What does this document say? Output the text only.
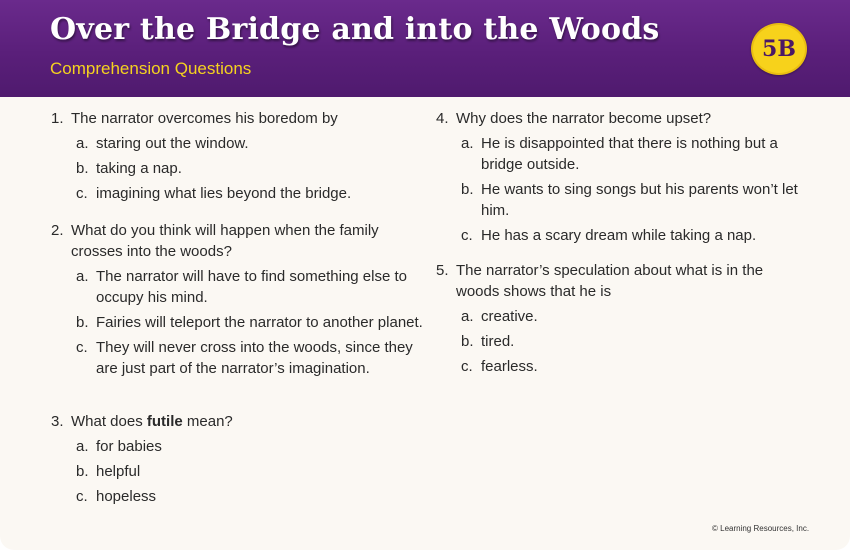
Over the Bridge and into the Woods
Comprehension Questions
5B
1. The narrator overcomes his boredom by
a. staring out the window.
b. taking a nap.
c. imagining what lies beyond the bridge.
2. What do you think will happen when the family crosses into the woods?
a. The narrator will have to find something else to occupy his mind.
b. Fairies will teleport the narrator to another planet.
c. They will never cross into the woods, since they are just part of the narrator’s imagination.
3. What does futile mean?
a. for babies
b. helpful
c. hopeless
4. Why does the narrator become upset?
a. He is disappointed that there is nothing but a bridge outside.
b. He wants to sing songs but his parents won’t let him.
c. He has a scary dream while taking a nap.
5. The narrator’s speculation about what is in the woods shows that he is
a. creative.
b. tired.
c. fearless.
© Learning Resources, Inc.
